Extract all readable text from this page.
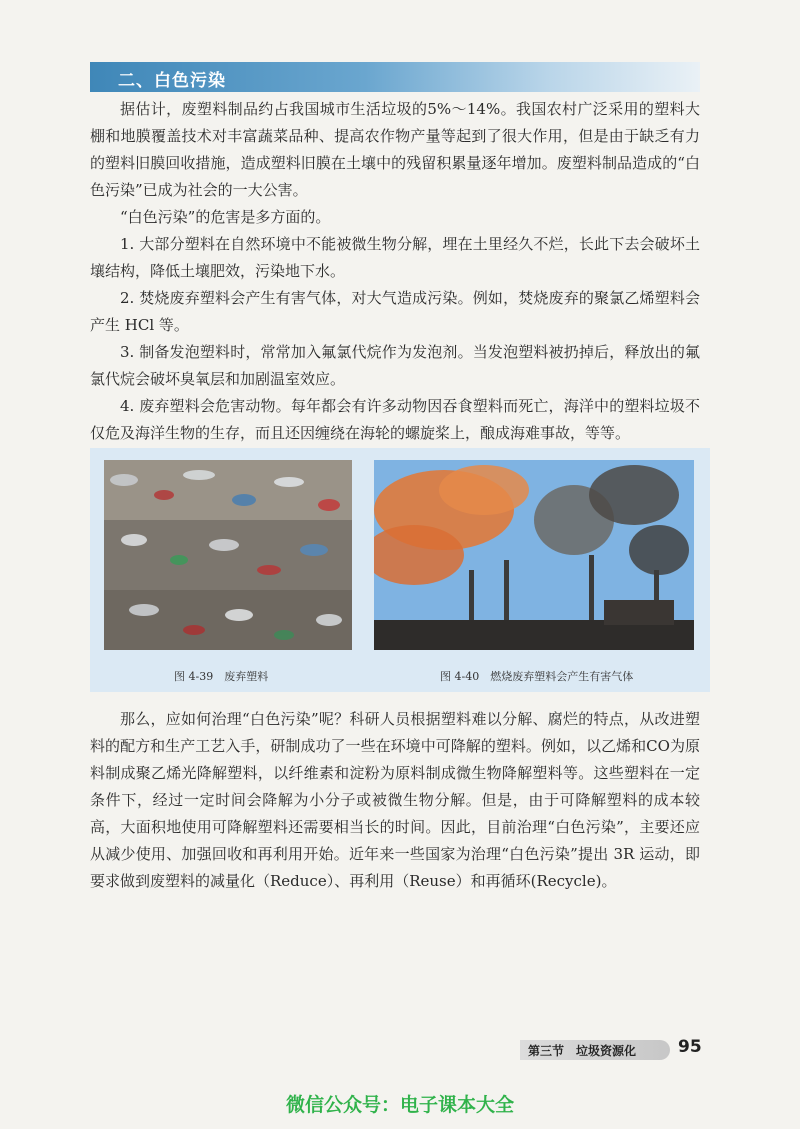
二、白色污染

据估计，废塑料制品约占我国城市生活垃圾的5%～14%。我国农村广泛采用的塑料大棚和地膜覆盖技术对丰富蔬菜品种、提高农作物产量等起到了很大作用，但是由于缺乏有力的塑料旧膜回收措施，造成塑料旧膜在土壤中的残留积累量逐年增加。废塑料制品造成的“白色污染”已成为社会的一大公害。

“白色污染”的危害是多方面的。

1. 大部分塑料在自然环境中不能被微生物分解，埋在土里经久不烂，长此下去会破坏土壤结构，降低土壤肥效，污染地下水。

2. 焚烧废弃塑料会产生有害气体，对大气造成污染。例如，焚烧废弃的聚氯乙烯塑料会产生 HCl 等。

3. 制备发泡塑料时，常常加入氟氯代烷作为发泡剂。当发泡塑料被扔掉后，释放出的氟氯代烷会破坏臭氧层和加剧温室效应。

4. 废弃塑料会危害动物。每年都会有许多动物因吞食塑料而死亡，海洋中的塑料垃圾不仅危及海洋生物的生存，而且还因缠绕在海轮的螺旋桨上，酿成海难事故，等等。

图 4-39　废弃塑料	图 4-40　燃烧废弃塑料会产生有害气体

那么，应如何治理“白色污染”呢？科研人员根据塑料难以分解、腐烂的特点，从改进塑料的配方和生产工艺入手，研制成功了一些在环境中可降解的塑料。例如，以乙烯和CO为原料制成聚乙烯光降解塑料，以纤维素和淀粉为原料制成微生物降解塑料等。这些塑料在一定条件下，经过一定时间会降解为小分子或被微生物分解。但是，由于可降解塑料的成本较高，大面积地使用可降解塑料还需要相当长的时间。因此，目前治理“白色污染”，主要还应从减少使用、加强回收和再利用开始。近年来一些国家为治理“白色污染”提出 3R 运动，即要求做到废塑料的减量化（Reduce）、再利用（Reuse）和再循环(Recycle)。

第三节　垃圾资源化 95
微信公众号：电子课本大全
